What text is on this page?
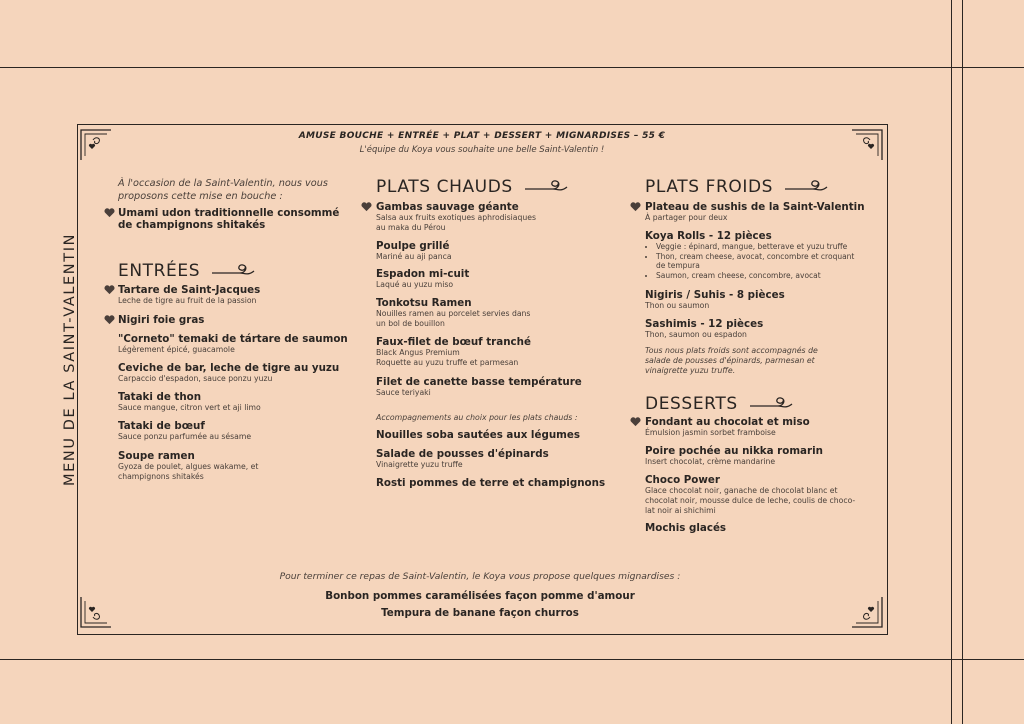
MENU DE LA SAINT-VALENTIN
AMUSE BOUCHE + ENTRÉE + PLAT + DESSERT + MIGNARDISES – 55 €
L'équipe du Koya vous souhaite une belle Saint-Valentin !
À l'occasion de la Saint-Valentin, nous vous
proposons cette mise en bouche :
Umami udon traditionnelle consommé
de champignons shitakés
ENTRÉES
Tartare de Saint-Jacques
Leche de tigre au fruit de la passion
Nigiri foie gras
"Corneto" temaki de tártare de saumon
Légèrement épicé, guacamole
Ceviche de bar, leche de tigre au yuzu
Carpaccio d'espadon, sauce ponzu yuzu
Tataki de thon
Sauce mangue, citron vert et aji limo
Tataki de bœuf
Sauce ponzu parfumée au sésame
Soupe ramen
Gyoza de poulet, algues wakame, et
champignons shitakés
PLATS CHAUDS
Gambas sauvage géante
Salsa aux fruits exotiques aphrodisiaques
au maka du Pérou
Poulpe grillé
Mariné au aji panca
Espadon mi-cuit
Laqué au yuzu miso
Tonkotsu Ramen
Nouilles ramen au porcelet servies dans
un bol de bouillon
Faux-filet de bœuf tranché
Black Angus Premium
Roquette au yuzu truffe et parmesan
Filet de canette basse température
Sauce teriyaki
Accompagnements au choix pour les plats chauds :
Nouilles soba sautées aux légumes
Salade de pousses d'épinards
Vinaigrette yuzu truffe
Rosti pommes de terre et champignons
PLATS FROIDS
Plateau de sushis de la Saint-Valentin
À partager pour deux
Koya Rolls - 12 pièces
• Veggie : épinard, mangue, betterave et yuzu truffe
• Thon, cream cheese, avocat, concombre et croquant
de tempura
• Saumon, cream cheese, concombre, avocat
Nigiris / Suhis - 8 pièces
Thon ou saumon
Sashimis - 12 pièces
Thon, saumon ou espadon
Tous nous plats froids sont accompagnés de
salade de pousses d'épinards, parmesan et
vinaigrette yuzu truffe.
DESSERTS
Fondant au chocolat et miso
Émulsion jasmin sorbet framboise
Poire pochée au nikka romarin
Insert chocolat, crème mandarine
Choco Power
Glace chocolat noir, ganache de chocolat blanc et
chocolat noir, mousse dulce de leche, coulis de choco-
lat noir ai shichimi
Mochis glacés
Pour terminer ce repas de Saint-Valentin, le Koya vous propose quelques mignardises :
Bonbon pommes caramélisées façon pomme d'amour
Tempura de banane façon churros
